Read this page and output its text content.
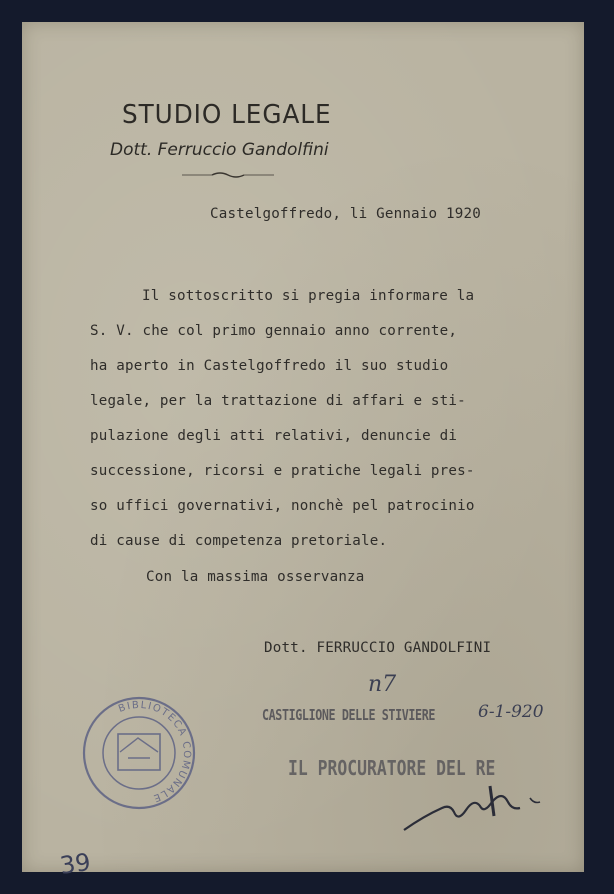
STUDIO LEGALE
Dott. Ferruccio Gandolfini
Castelgoffredo, li Gennaio 1920
Il sottoscritto si pregia informare la
S. V. che col primo gennaio anno corrente,
ha aperto in Castelgoffredo il suo studio
legale, per la trattazione di affari e sti-
pulazione degli atti relativi, denuncie di
successione, ricorsi e pratiche legali pres-
so uffici governativi, nonchè pel patrocinio
di cause di competenza pretoriale.
Con la massima osservanza
Dott. FERRUCCIO GANDOLFINI
n7
CASTIGLIONE DELLE STIVIERE	6-1-920
IL PROCURATORE DEL RE
BIBLIOTECA COMUNALE
39
